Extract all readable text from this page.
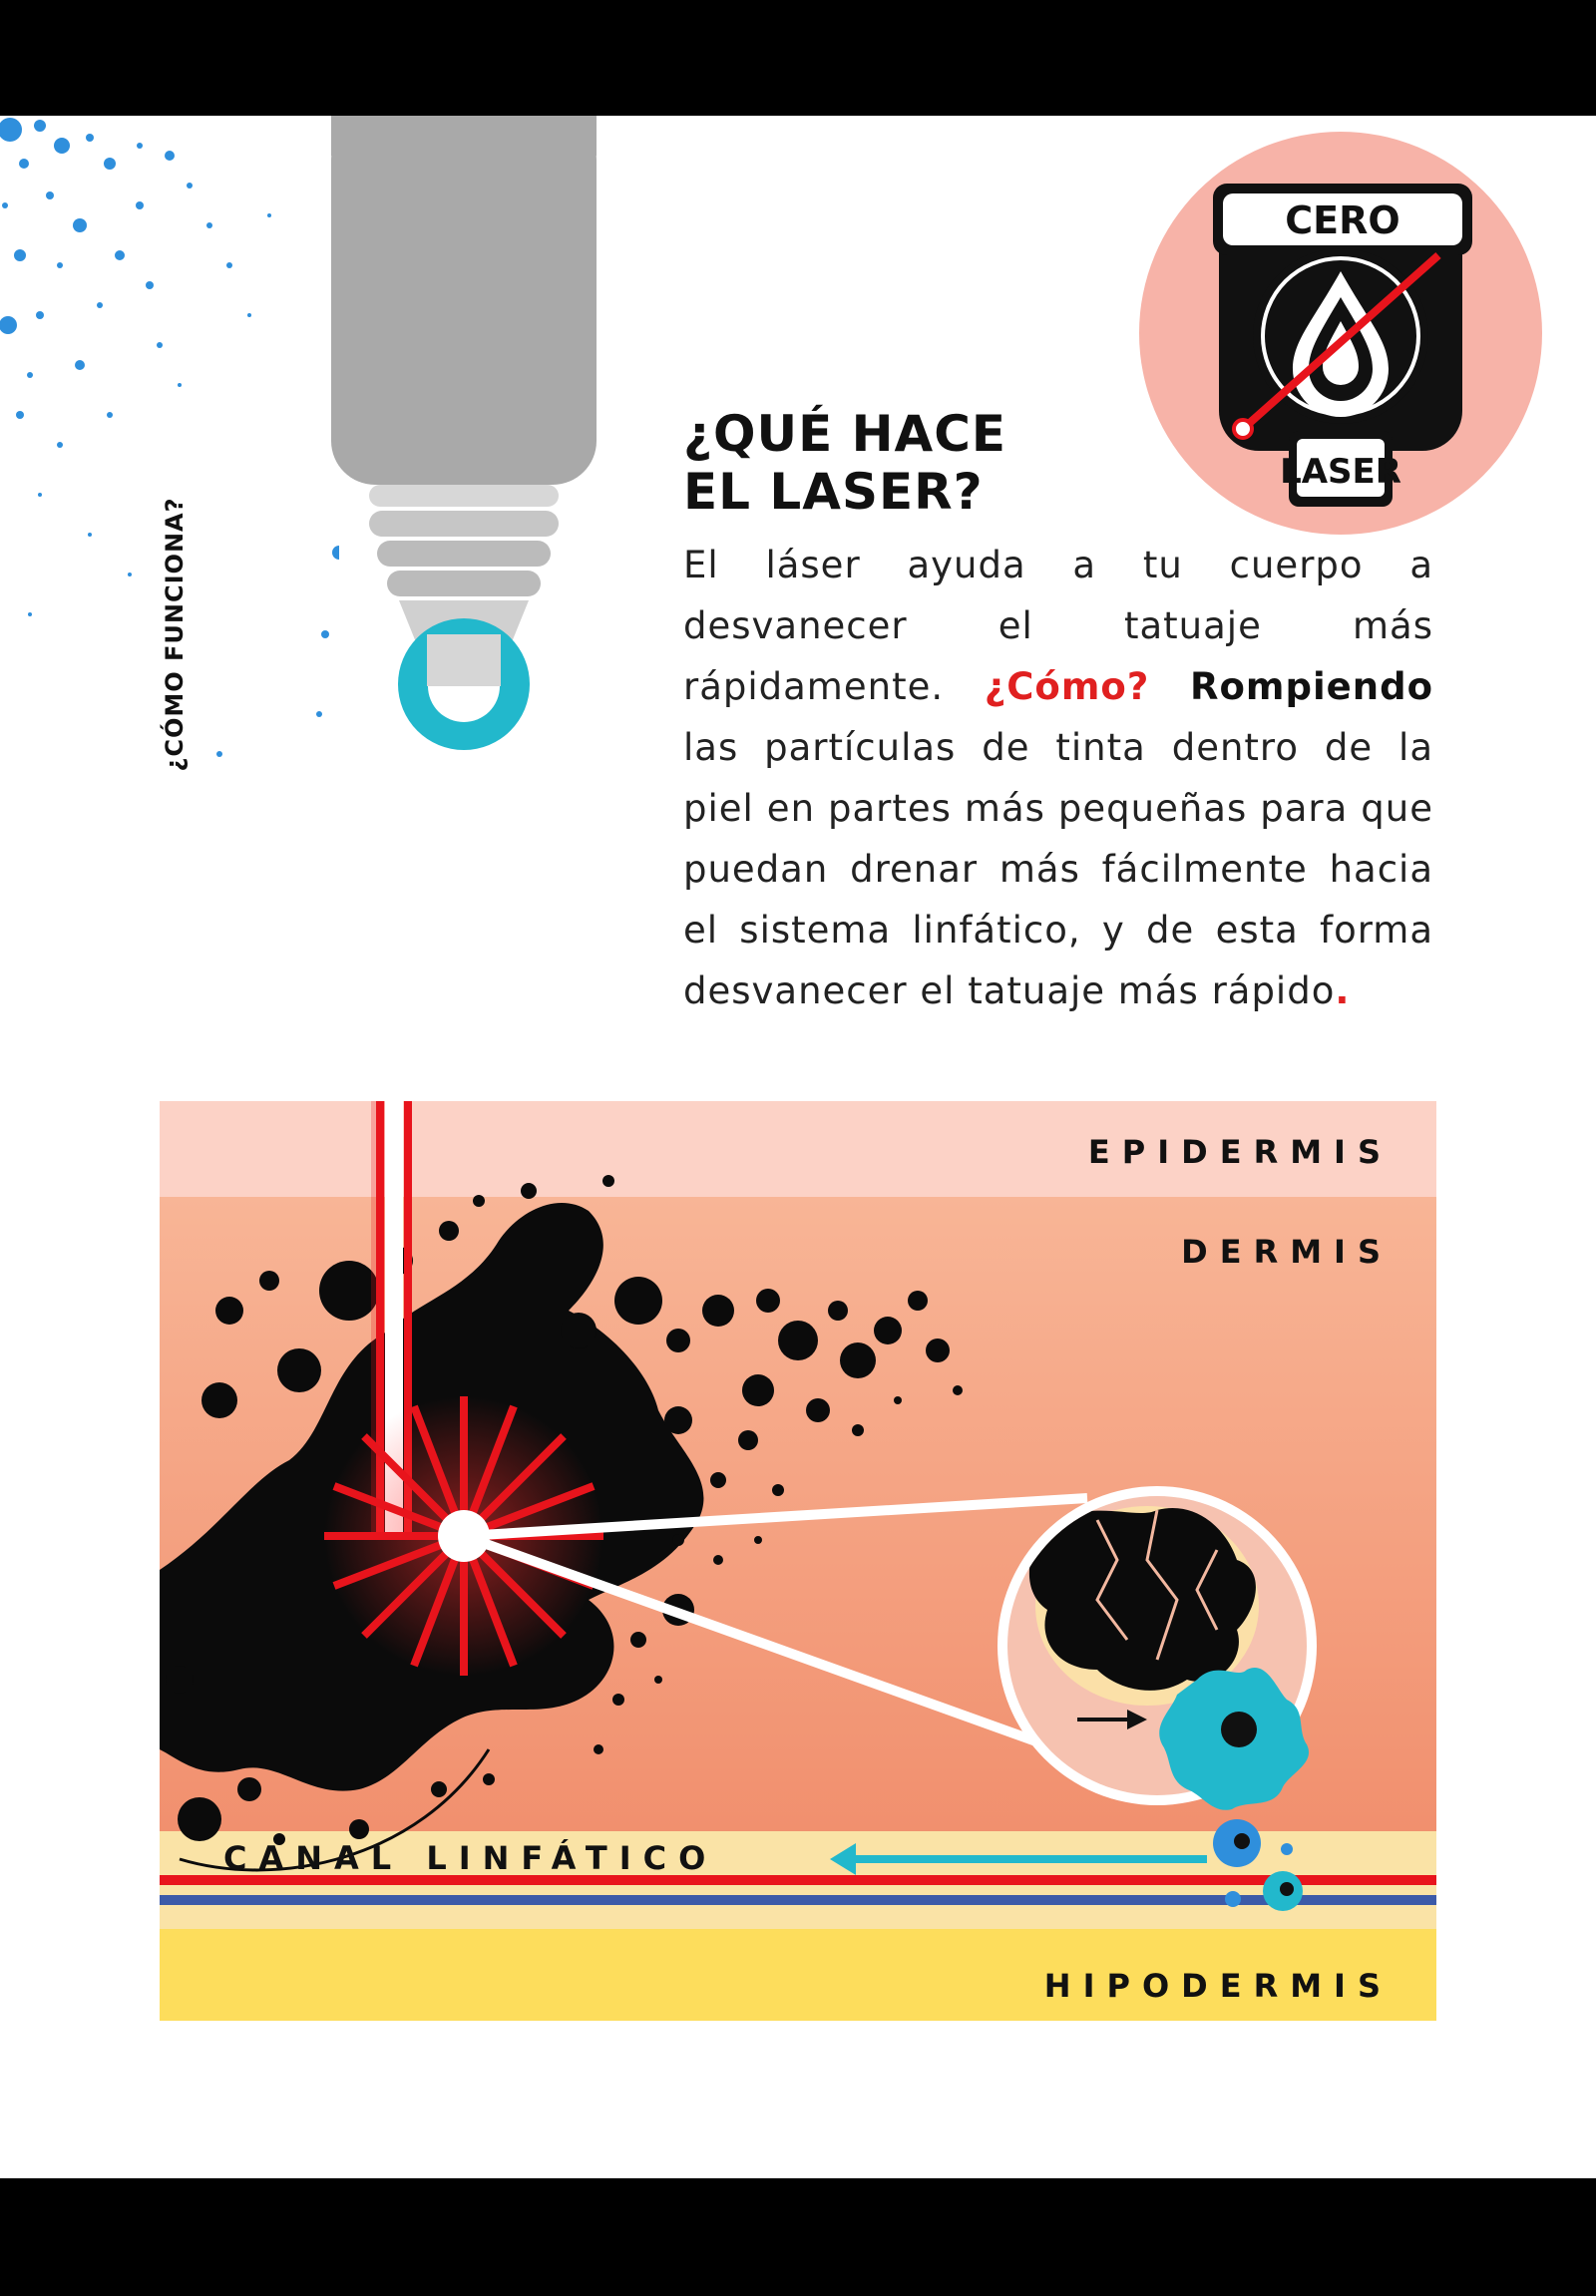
¿CÓMO FUNCIONA?
CERO
LASER
¿QUÉ HACE
EL LASER?

El láser ayuda a tu cuerpo a desvanecer el tatuaje más rápidamente. ¿Cómo? Rompiendo las partículas de tinta dentro de la piel en partes más pequeñas para que puedan drenar más fácilmente hacia el sistema linfático, y de esta forma desvanecer el tatuaje más rápido.

EPIDERMIS
DERMIS
CANAL LINFÁTICO
HIPODERMIS
